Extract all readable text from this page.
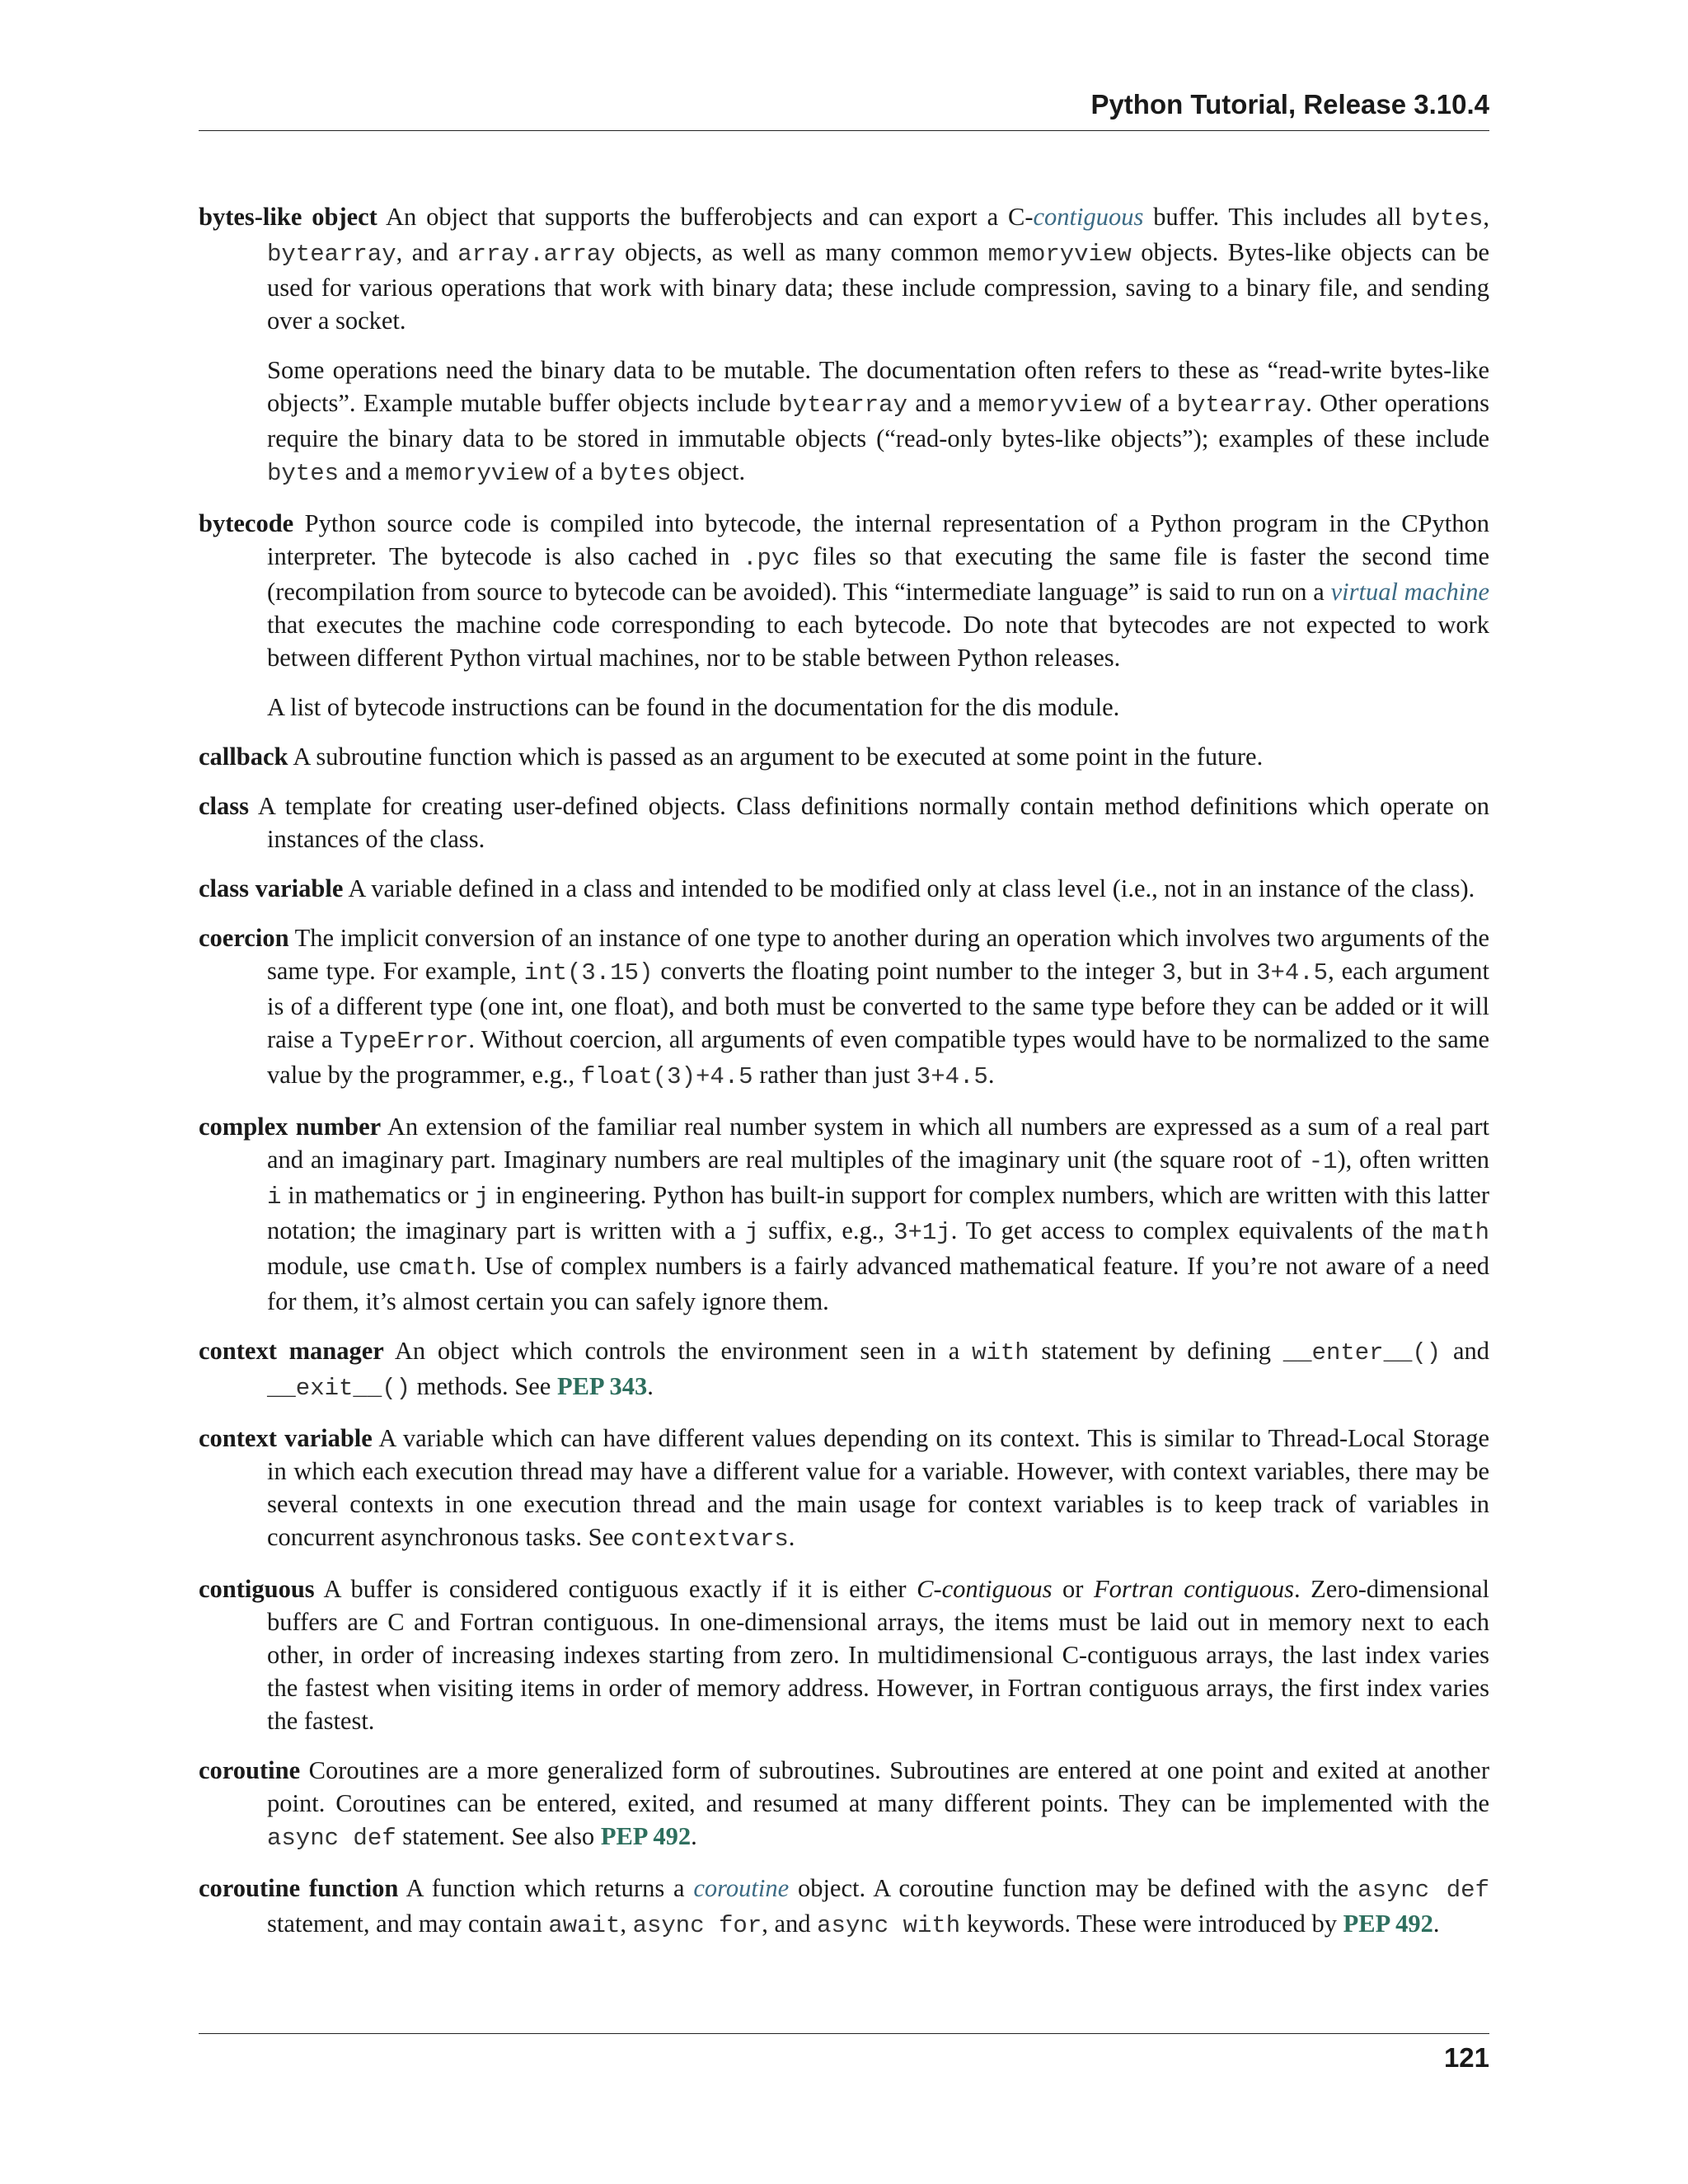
Python Tutorial, Release 3.10.4

bytes-like object An object that supports the bufferobjects and can export a C-contiguous buffer. This includes all bytes, bytearray, and array.array objects, as well as many common memoryview objects. Bytes-like objects can be used for various operations that work with binary data; these include compression, saving to a binary file, and sending over a socket.

Some operations need the binary data to be mutable. The documentation often refers to these as “read-write bytes-like objects”. Example mutable buffer objects include bytearray and a memoryview of a bytearray. Other operations require the binary data to be stored in immutable objects (“read-only bytes-like objects”); examples of these include bytes and a memoryview of a bytes object.

bytecode Python source code is compiled into bytecode, the internal representation of a Python program in the CPython interpreter. The bytecode is also cached in .pyc files so that executing the same file is faster the second time (recompilation from source to bytecode can be avoided). This “intermediate language” is said to run on a virtual machine that executes the machine code corresponding to each bytecode. Do note that bytecodes are not expected to work between different Python virtual machines, nor to be stable between Python releases.

A list of bytecode instructions can be found in the documentation for the dis module.

callback A subroutine function which is passed as an argument to be executed at some point in the future.

class A template for creating user-defined objects. Class definitions normally contain method definitions which operate on instances of the class.

class variable A variable defined in a class and intended to be modified only at class level (i.e., not in an instance of the class).

coercion The implicit conversion of an instance of one type to another during an operation which involves two arguments of the same type. For example, int(3.15) converts the floating point number to the integer 3, but in 3+4.5, each argument is of a different type (one int, one float), and both must be converted to the same type before they can be added or it will raise a TypeError. Without coercion, all arguments of even compatible types would have to be normalized to the same value by the programmer, e.g., float(3)+4.5 rather than just 3+4.5.

complex number An extension of the familiar real number system in which all numbers are expressed as a sum of a real part and an imaginary part. Imaginary numbers are real multiples of the imaginary unit (the square root of -1), often written i in mathematics or j in engineering. Python has built-in support for complex numbers, which are written with this latter notation; the imaginary part is written with a j suffix, e.g., 3+1j. To get access to complex equivalents of the math module, use cmath. Use of complex numbers is a fairly advanced mathematical feature. If you’re not aware of a need for them, it’s almost certain you can safely ignore them.

context manager An object which controls the environment seen in a with statement by defining __enter__() and __exit__() methods. See PEP 343.

context variable A variable which can have different values depending on its context. This is similar to Thread-Local Storage in which each execution thread may have a different value for a variable. However, with context variables, there may be several contexts in one execution thread and the main usage for context variables is to keep track of variables in concurrent asynchronous tasks. See contextvars.

contiguous A buffer is considered contiguous exactly if it is either C-contiguous or Fortran contiguous. Zero-dimensional buffers are C and Fortran contiguous. In one-dimensional arrays, the items must be laid out in memory next to each other, in order of increasing indexes starting from zero. In multidimensional C-contiguous arrays, the last index varies the fastest when visiting items in order of memory address. However, in Fortran contiguous arrays, the first index varies the fastest.

coroutine Coroutines are a more generalized form of subroutines. Subroutines are entered at one point and exited at another point. Coroutines can be entered, exited, and resumed at many different points. They can be implemented with the async def statement. See also PEP 492.

coroutine function A function which returns a coroutine object. A coroutine function may be defined with the async def statement, and may contain await, async for, and async with keywords. These were introduced by PEP 492.

121
